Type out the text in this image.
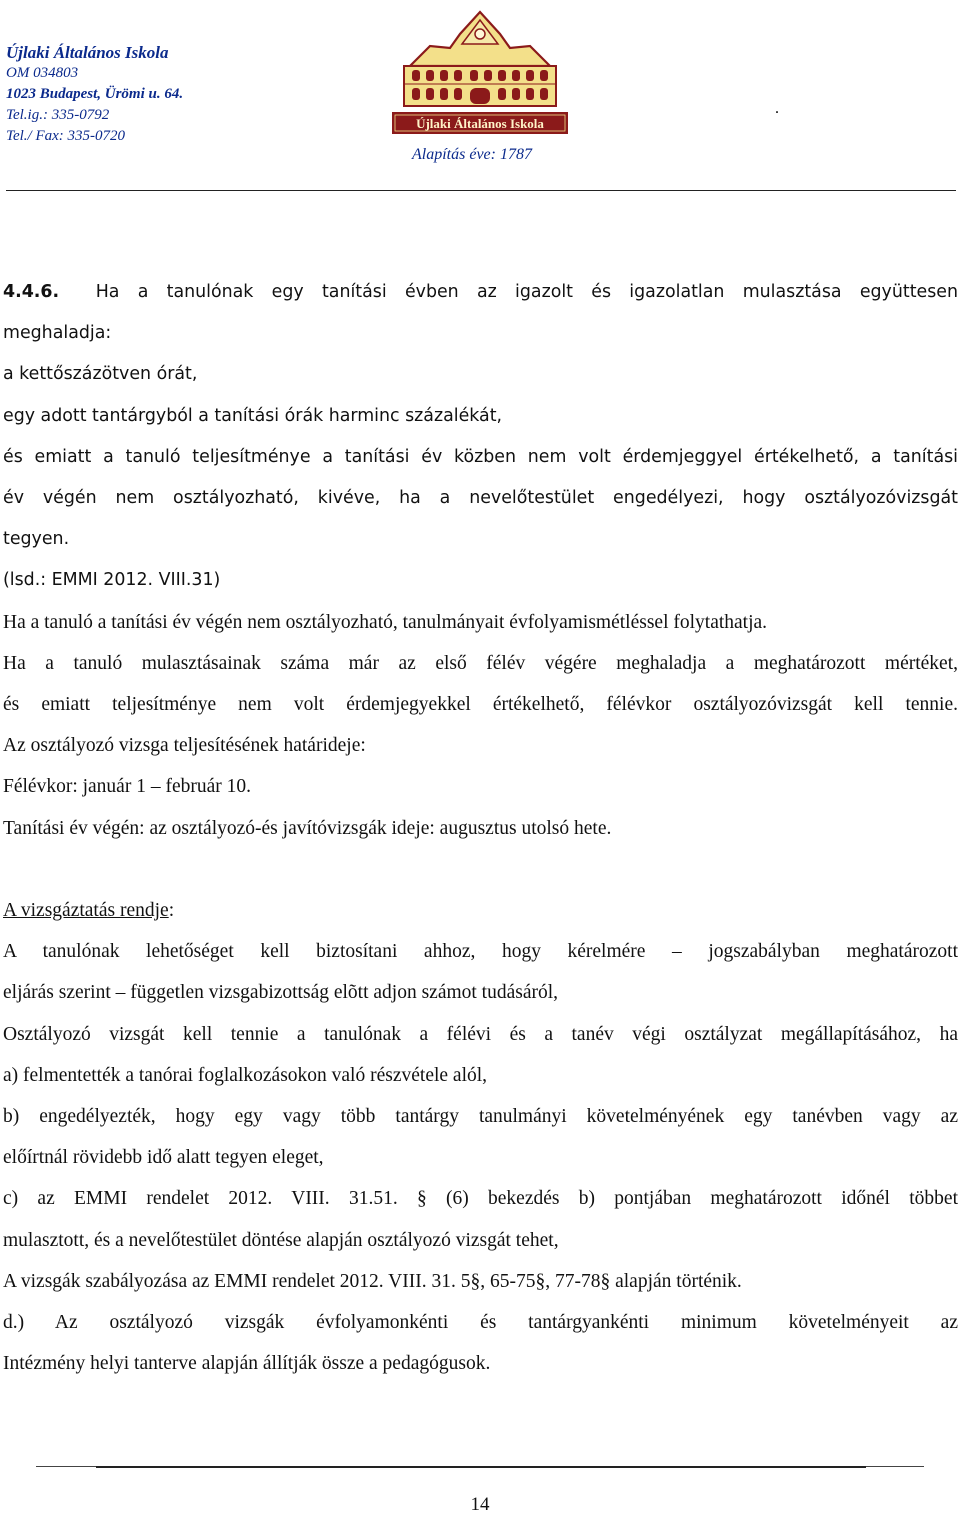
Újlaki Általános Iskola
OM 034803
1023 Budapest, Ürömi u. 64.
Tel.ig.: 335-0792
Tel./ Fax: 335-0720
Újlaki Általános Iskola
Alapítás éve: 1787
.

4.4.6. Ha a tanulónak egy tanítási évben az igazolt és igazolatlan mulasztása együttesen

meghaladja:

a kettőszázötven órát,

egy adott tantárgyból a tanítási órák harminc százalékát,

és emiatt a tanuló teljesítménye a tanítási év közben nem volt érdemjeggyel értékelhető, a tanítási

év végén nem osztályozható, kivéve, ha a nevelőtestület engedélyezi, hogy osztályozóvizsgát

tegyen.

(lsd.: EMMI 2012. VIII.31)

Ha a tanuló a tanítási év végén nem osztályozható, tanulmányait évfolyamismétléssel folytathatja.

Ha a tanuló mulasztásainak száma már az első félév végére meghaladja a meghatározott mértéket,

és emiatt teljesítménye nem volt érdemjegyekkel értékelhető, félévkor osztályozóvizsgát kell tennie.

Az osztályozó vizsga teljesítésének határideje:

Félévkor: január 1 – február 10.

Tanítási év végén: az osztályozó-és javítóvizsgák ideje: augusztus utolsó hete.

A vizsgáztatás rendje:

A tanulónak lehetőséget kell biztosítani ahhoz, hogy kérelmére – jogszabályban meghatározott

eljárás szerint – független vizsgabizottság elõtt adjon számot tudásáról,

Osztályozó vizsgát kell tennie a tanulónak a félévi és a tanév végi osztályzat megállapításához, ha

a) felmentették a tanórai foglalkozásokon való részvétele alól,

b) engedélyezték, hogy egy vagy több tantárgy tanulmányi követelményének egy tanévben vagy az

előírtnál rövidebb idő alatt tegyen eleget,

c) az EMMI rendelet 2012. VIII. 31.51. § (6) bekezdés b) pontjában meghatározott időnél többet

mulasztott, és a nevelőtestület döntése alapján osztályozó vizsgát tehet,

A vizsgák szabályozása az EMMI rendelet 2012. VIII. 31. 5§, 65-75§, 77-78§ alapján történik.

d.) Az osztályozó vizsgák évfolyamonkénti és tantárgyankénti minimum követelményeit az

Intézmény helyi tanterve alapján állítják össze a pedagógusok.

14
